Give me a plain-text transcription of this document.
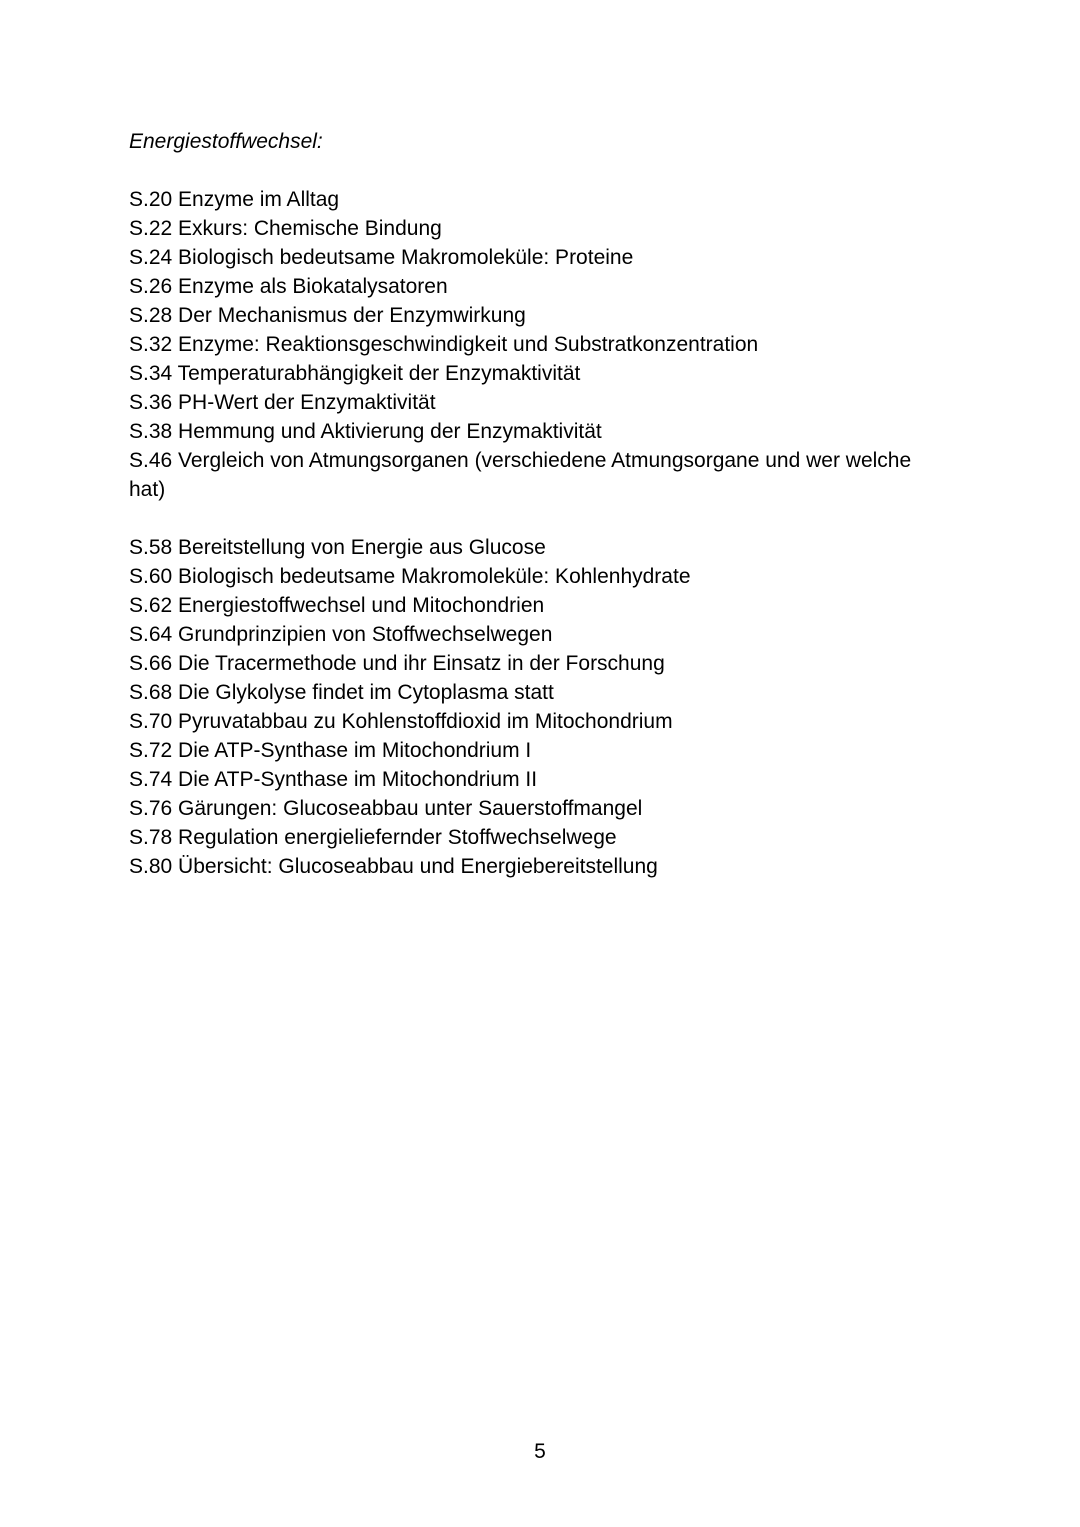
Energiestoffwechsel:

S.20 Enzyme im Alltag
S.22 Exkurs: Chemische Bindung
S.24 Biologisch bedeutsame Makromoleküle: Proteine
S.26 Enzyme als Biokatalysatoren
S.28 Der Mechanismus der Enzymwirkung
S.32 Enzyme: Reaktionsgeschwindigkeit und Substratkonzentration
S.34 Temperaturabhängigkeit der Enzymaktivität
S.36 PH-Wert der Enzymaktivität
S.38 Hemmung und Aktivierung der Enzymaktivität
S.46 Vergleich von Atmungsorganen (verschiedene Atmungsorgane und wer welche hat)
S.58 Bereitstellung von Energie aus Glucose
S.60 Biologisch bedeutsame Makromoleküle: Kohlenhydrate
S.62 Energiestoffwechsel und Mitochondrien
S.64 Grundprinzipien von Stoffwechselwegen
S.66 Die Tracermethode und ihr Einsatz in der Forschung
S.68 Die Glykolyse findet im Cytoplasma statt
S.70 Pyruvatabbau zu Kohlenstoffdioxid im Mitochondrium
S.72 Die ATP-Synthase im Mitochondrium I
S.74 Die ATP-Synthase im Mitochondrium II
S.76 Gärungen: Glucoseabbau unter Sauerstoffmangel
S.78 Regulation energieliefernder Stoffwechselwege
S.80 Übersicht: Glucoseabbau und Energiebereitstellung
5
